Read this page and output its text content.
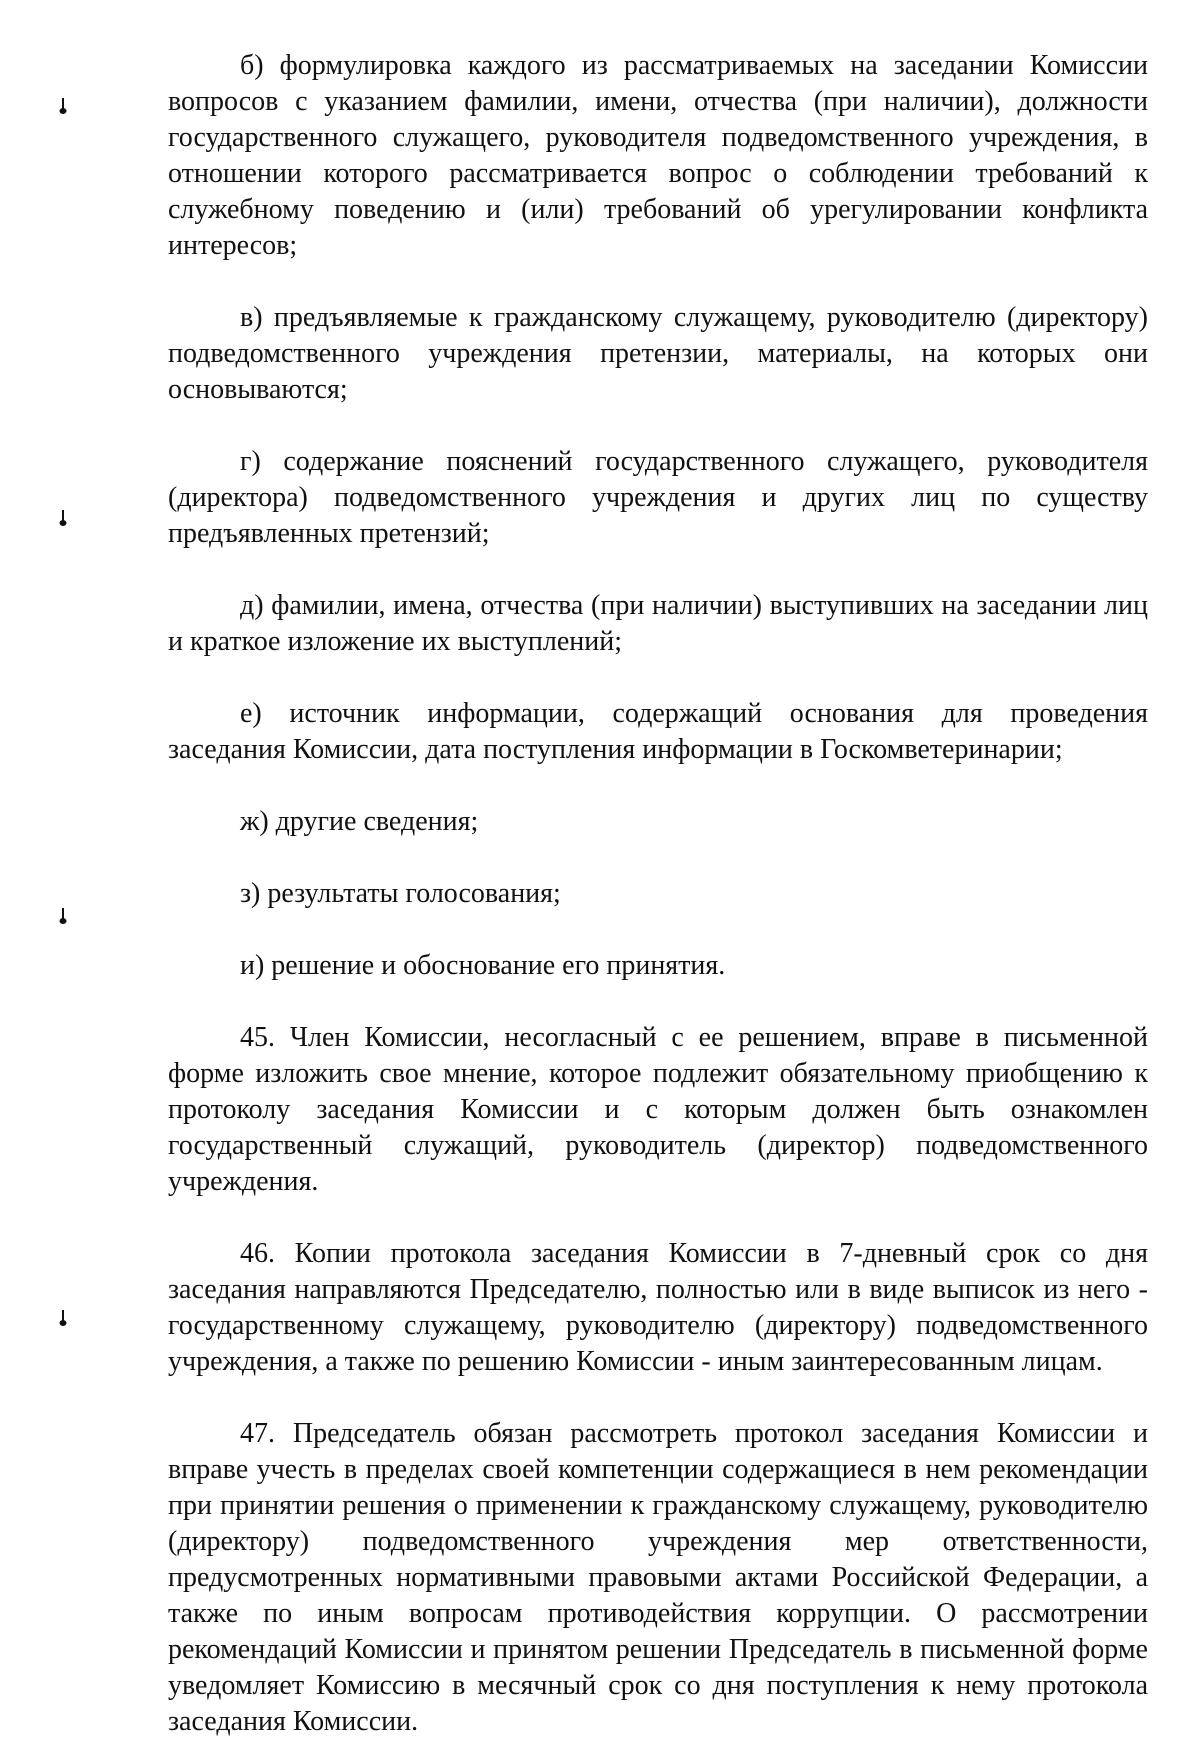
б) формулировка каждого из рассматриваемых на заседании Комиссии вопросов с указанием фамилии, имени, отчества (при наличии), должности государственного служащего, руководителя подведомственного учреждения, в отношении которого рассматривается вопрос о соблюдении требований к служебному поведению и (или) требований об урегулировании конфликта интересов;

в) предъявляемые к гражданскому служащему, руководителю (директору) подведомственного учреждения претензии, материалы, на которых они основываются;

г) содержание пояснений государственного служащего, руководителя (директора) подведомственного учреждения и других лиц по существу предъявленных претензий;

д) фамилии, имена, отчества (при наличии) выступивших на заседании лиц и краткое изложение их выступлений;

е) источник информации, содержащий основания для проведения заседания Комиссии, дата поступления информации в Госкомветеринарии;

ж) другие сведения;

з) результаты голосования;

и) решение и обоснование его принятия.

45. Член Комиссии, несогласный с ее решением, вправе в письменной форме изложить свое мнение, которое подлежит обязательному приобщению к протоколу заседания Комиссии и с которым должен быть ознакомлен государственный служащий, руководитель (директор) подведомственного учреждения.

46. Копии протокола заседания Комиссии в 7-дневный срок со дня заседания направляются Председателю, полностью или в виде выписок из него - государственному служащему, руководителю (директору) подведомственного учреждения, а также по решению Комиссии - иным заинтересованным лицам.

47. Председатель обязан рассмотреть протокол заседания Комиссии и вправе учесть в пределах своей компетенции содержащиеся в нем рекомендации при принятии решения о применении к гражданскому служащему, руководителю (директору) подведомственного учреждения мер ответственности, предусмотренных нормативными правовыми актами Российской Федерации, а также по иным вопросам противодействия коррупции. О рассмотрении рекомендаций Комиссии и принятом решении Председатель в письменной форме уведомляет Комиссию в месячный срок со дня поступления к нему протокола заседания Комиссии.
